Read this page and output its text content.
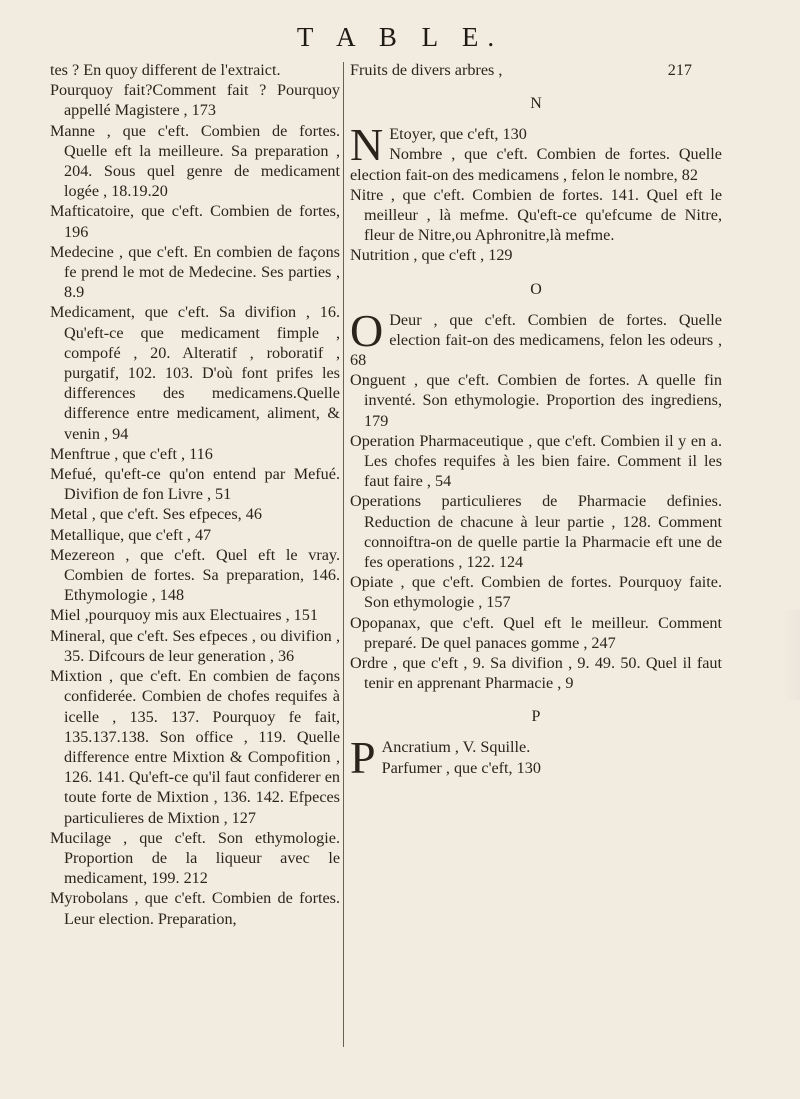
T A B L E.

tes ? En quoy different de l'extraict.

Pourquoy fait?Comment fait ? Pourquoy appellé Magistere , 173

Manne , que c'eft. Combien de fortes. Quelle eft la meilleure. Sa preparation , 204. Sous quel genre de medicament logée , 18.19.20

Mafticatoire, que c'eft. Combien de fortes, 196

Medecine , que c'eft. En combien de façons fe prend le mot de Medecine. Ses parties , 8.9

Medicament, que c'eft. Sa divifion , 16. Qu'eft-ce que medicament fimple , compofé , 20. Alteratif , roboratif , purgatif, 102. 103. D'où font prifes les differences des medicamens.Quelle difference entre medicament, aliment, & venin , 94

Menftrue , que c'eft , 116

Mefué, qu'eft-ce qu'on entend par Mefué. Divifion de fon Livre , 51

Metal , que c'eft. Ses efpeces, 46

Metallique, que c'eft , 47

Mezereon , que c'eft. Quel eft le vray. Combien de fortes. Sa preparation, 146. Ethymologie , 148

Miel ,pourquoy mis aux Electuaires , 151

Mineral, que c'eft. Ses efpeces , ou divifion , 35. Difcours de leur generation , 36

Mixtion , que c'eft. En combien de façons confiderée. Combien de chofes requifes à icelle , 135. 137. Pourquoy fe fait, 135.137.138. Son office , 119. Quelle difference entre Mixtion & Compofition , 126. 141. Qu'eft-ce qu'il faut confiderer en toute forte de Mixtion , 136. 142. Efpeces particulieres de Mixtion , 127

Mucilage , que c'eft. Son ethymologie. Proportion de la liqueur avec le medicament, 199. 212

Myrobolans , que c'eft. Combien de fortes. Leur election. Preparation,

Fruits de divers arbres ,	217
N

N Etoyer, que c'eft, 130
Nombre , que c'eft. Combien de fortes. Quelle election fait-on des medicamens , felon le nombre, 82

Nitre , que c'eft. Combien de fortes. 141. Quel eft le meilleur , là mefme. Qu'eft-ce qu'efcume de Nitre, fleur de Nitre,ou Aphronitre,là mefme.

Nutrition , que c'eft , 129

O

O Deur , que c'eft. Combien de fortes. Quelle election fait-on des medicamens, felon les odeurs , 68

Onguent , que c'eft. Combien de fortes. A quelle fin inventé. Son ethymologie. Proportion des ingrediens, 179

Operation Pharmaceutique , que c'eft. Combien il y en a. Les chofes requifes à les bien faire. Comment il les faut faire , 54

Operations particulieres de Pharmacie definies. Reduction de chacune à leur partie , 128. Comment connoiftra-on de quelle partie la Pharmacie eft une de fes operations , 122. 124

Opiate , que c'eft. Combien de fortes. Pourquoy faite. Son ethymologie , 157

Opopanax, que c'eft. Quel eft le meilleur. Comment preparé. De quel panaces gomme , 247

Ordre , que c'eft , 9. Sa divifion , 9. 49. 50. Quel il faut tenir en apprenant Pharmacie , 9

P

P Ancratium , V. Squille.
Parfumer , que c'eft, 130
